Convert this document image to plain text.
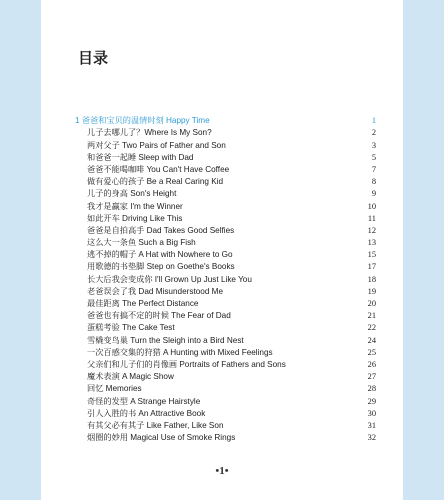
目录
1 爸爸和宝贝的温情时刻 Happy Time	1
儿子去哪儿了？Where Is My Son?	2
两对父子 Two Pairs of Father and Son	3
和爸爸一起睡 Sleep with Dad	5
爸爸不能喝咖啡 You Can't Have Coffee	7
做有爱心的孩子 Be a Real Caring Kid	8
儿子的身高 Son's Height	9
我才是赢家 I'm the Winner	10
如此开车 Driving Like This	11
爸爸是自拍高手 Dad Takes Good Selfies	12
这么大一条鱼 Such a Big Fish	13
逃不掉的帽子 A Hat with Nowhere to Go	15
用歌德的书垫脚 Step on Goethe's Books	17
长大后我会变成你 I'll Grown Up Just Like You	18
老爸误会了我 Dad Misunderstood Me	19
最佳距离 The Perfect Distance	20
爸爸也有搞不定的时候 The Fear of Dad	21
蛋糕考验 The Cake Test	22
雪橇变鸟巢 Turn the Sleigh into a Bird Nest	24
一次百感交集的狩猎 A Hunting with Mixed Feelings	25
父亲们和儿子们的肖像画 Portraits of Fathers and Sons	26
魔术表演 A Magic Show	27
回忆 Memories	28
奇怪的发型 A Strange Hairstyle	29
引人入胜的书 An Attractive Book	30
有其父必有其子 Like Father, Like Son	31
烟圈的妙用 Magical Use of Smoke Rings	32
•1•
